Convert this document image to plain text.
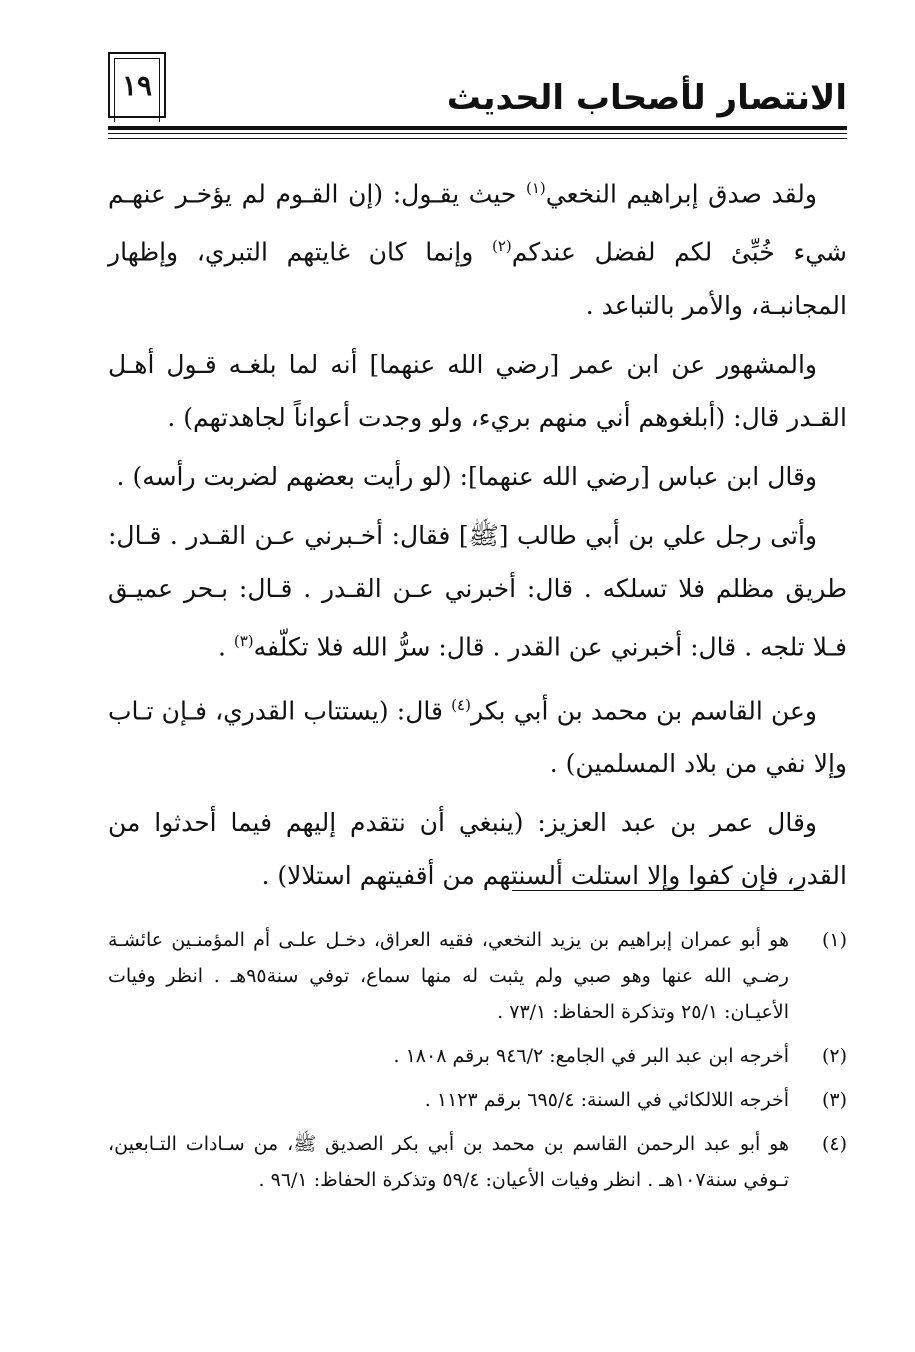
١٩	الانتصار لأصحاب الحديث

ولقد صدق إبراهيم النخعي$^{(١)}$ حيث يقـول: (إن القـوم لم يؤخـر عنهـم شيء خُبِّئ لكم لفضل عندكم$^{(٢)}$ وإنما كان غايتهم التبري، وإظهار المجانبـة، والأمر بالتباعد .

والمشهور عن ابن عمر [رضي الله عنهما] أنه لما بلغـه قـول أهـل القـدر قال: (أبلغوهم أني منهم بريء، ولو وجدت أعواناً لجاهدتهم) .

وقال ابن عباس [رضي الله عنهما]: (لو رأيت بعضهم لضربت رأسه) .

وأتى رجل علي بن أبي طالب [ﷺ] فقال: أخـبرني عـن القـدر . قـال: طريق مظلم فلا تسلكه . قال: أخبرني عـن القـدر . قـال: بـحر عميـق فـلا تلجه . قال: أخبرني عن القدر . قال: سرُّ الله فلا تكلّفه$^{(٣)}$ .

وعن القاسم بن محمد بن أبي بكر$^{(٤)}$ قال: (يستتاب القدري، فـإن تـاب وإلا نفي من بلاد المسلمين) .

وقال عمر بن عبد العزيز: (ينبغي أن نتقدم إليهم فيما أحدثوا من القدر، فإن كفوا وإلا استلت ألسنتهم من أقفيتهم استلالا) .

(١)
هو أبو عمران إبراهيم بن يزيد النخعي، فقيه العراق، دخـل علـى أم المؤمنـين عائشـة رضـي الله عنها وهو صبي ولم يثبت له منها سماع، توفي سنة٩٥هـ . انظر وفيات الأعيـان: ٢٥/١ وتذكرة الحفاظ: ٧٣/١ .
(٢)
أخرجه ابن عبد البر في الجامع: ٩٤٦/٢ برقم ١٨٠٨ .
(٣)
أخرجه اللالكائي في السنة: ٦٩٥/٤ برقم ١١٢٣ .
(٤)
هو أبو عبد الرحمن القاسم بن محمد بن أبي بكر الصديق ﷺ، من سـادات التـابعين، تـوفي سنة١٠٧هـ . انظر وفيات الأعيان: ٥٩/٤ وتذكرة الحفاظ: ٩٦/١ .
